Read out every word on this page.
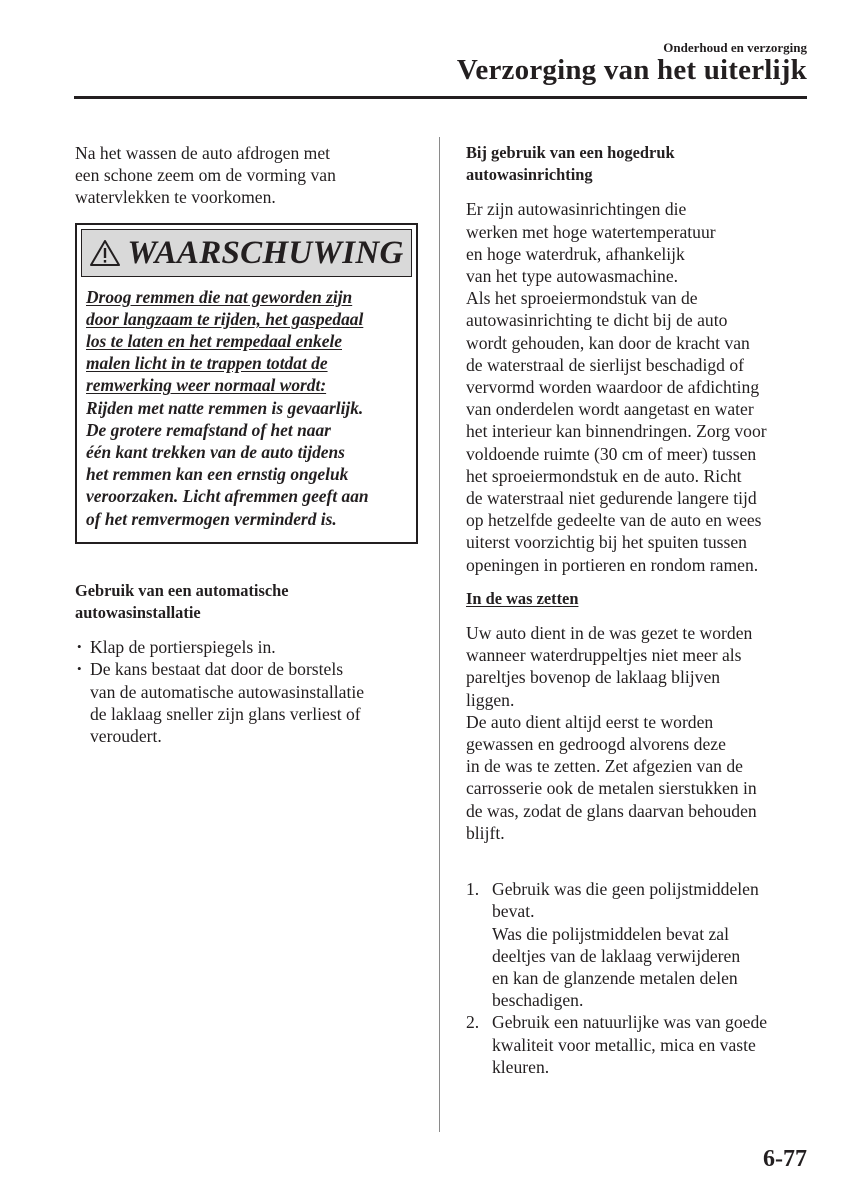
Onderhoud en verzorging
Verzorging van het uiterlijk

Na het wassen de auto afdrogen met
een schone zeem om de vorming van
watervlekken te voorkomen.

WAARSCHUWING
Droog remmen die nat geworden zijn
door langzaam te rijden, het gaspedaal
los te laten en het rempedaal enkele
malen licht in te trappen totdat de
remwerking weer normaal wordt:
Rijden met natte remmen is gevaarlijk.
De grotere remafstand of het naar
één kant trekken van de auto tijdens
het remmen kan een ernstig ongeluk
veroorzaken. Licht afremmen geeft aan
of het remvermogen verminderd is.
Gebruik van een automatische
autowasinstallatie
• Klap de portierspiegels in.
• De kans bestaat dat door de borstels
van de automatische autowasinstallatie
de laklaag sneller zijn glans verliest of
veroudert.
Bij gebruik van een hogedruk
autowasinrichting

Er zijn autowasinrichtingen die
werken met hoge watertemperatuur
en hoge waterdruk, afhankelijk
van het type autowasmachine.
Als het sproeiermondstuk van de
autowasinrichting te dicht bij de auto
wordt gehouden, kan door de kracht van
de waterstraal de sierlijst beschadigd of
vervormd worden waardoor de afdichting
van onderdelen wordt aangetast en water
het interieur kan binnendringen. Zorg voor
voldoende ruimte (30 cm of meer) tussen
het sproeiermondstuk en de auto. Richt
de waterstraal niet gedurende langere tijd
op hetzelfde gedeelte van de auto en wees
uiterst voorzichtig bij het spuiten tussen
openingen in portieren en rondom ramen.

In de was zetten

Uw auto dient in de was gezet te worden
wanneer waterdruppeltjes niet meer als
pareltjes bovenop de laklaag blijven
liggen.
De auto dient altijd eerst te worden
gewassen en gedroogd alvorens deze
in de was te zetten. Zet afgezien van de
carrosserie ook de metalen sierstukken in
de was, zodat de glans daarvan behouden
blijft.

1. Gebruik was die geen polijstmiddelen
bevat.
Was die polijstmiddelen bevat zal
deeltjes van de laklaag verwijderen
en kan de glanzende metalen delen
beschadigen.
2. Gebruik een natuurlijke was van goede
kwaliteit voor metallic, mica en vaste
kleuren.
6-77
